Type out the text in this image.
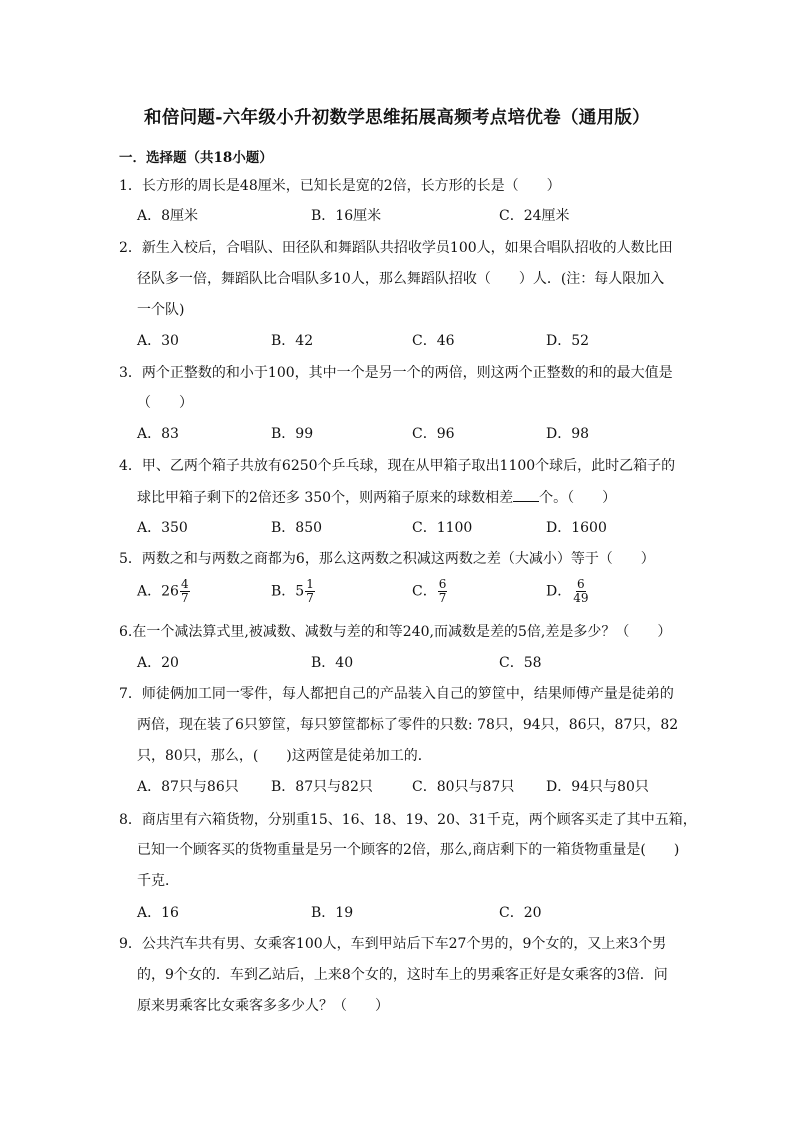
和倍问题-六年级小升初数学思维拓展高频考点培优卷（通用版）
一．选择题（共18小题）
1．长方形的周长是48厘米，已知长是宽的2倍，长方形的长是（　　）
A．8厘米	B．16厘米	C．24厘米
2．新生入校后，合唱队、田径队和舞蹈队共招收学员100人，如果合唱队招收的人数比田
径队多一倍，舞蹈队比合唱队多10人，那么舞蹈队招收（　　）人．(注：每人限加入
一个队)
A．30	B．42	C．46	D．52
3．两个正整数的和小于100，其中一个是另一个的两倍，则这两个正整数的和的最大值是
（　　）
A．83	B．99	C．96	D．98
4．甲、乙两个箱子共放有6250个乒乓球，现在从甲箱子取出1100个球后，此时乙箱子的
球比甲箱子剩下的2倍还多 350个，则两箱子原来的球数相差 个。（　　）
A．350	B．850	C．1100	D．1600
5．两数之和与两数之商都为6，那么这两数之积减这两数之差（大减小）等于（　　）
A．$26 \frac{4}{7}$	B．$5 \frac{1}{7}$	C． $\frac{6}{7}$	D． $\frac{6}{49}$
6.在一个减法算式里,被减数、减数与差的和等240,而减数是差的5倍,差是多少？（　　）
A．20	B．40	C．58
7．师徒俩加工同一零件，每人都把自己的产品装入自己的箩筐中，结果师傅产量是徒弟的
两倍，现在装了6只箩筐，每只箩筐都标了零件的只数: 78只，94只，86只，87只，82
只，80只，那么，(　　)这两筐是徒弟加工的．
A．87只与86只 B．87只与82只	C．80只与87只 D．94只与80只
8．商店里有六箱货物，分别重15、16、18、19、20、31千克，两个顾客买走了其中五箱，
已知一个顾客买的货物重量是另一个顾客的2倍，那么,商店剩下的一箱货物重量是(　　)
千克．
A．16	B．19	C．20
9．公共汽车共有男、女乘客100人，车到甲站后下车27个男的，9个女的，又上来3个男
的，9个女的．车到乙站后，上来8个女的，这时车上的男乘客正好是女乘客的3倍．问
原来男乘客比女乘客多多少人？（　　）
